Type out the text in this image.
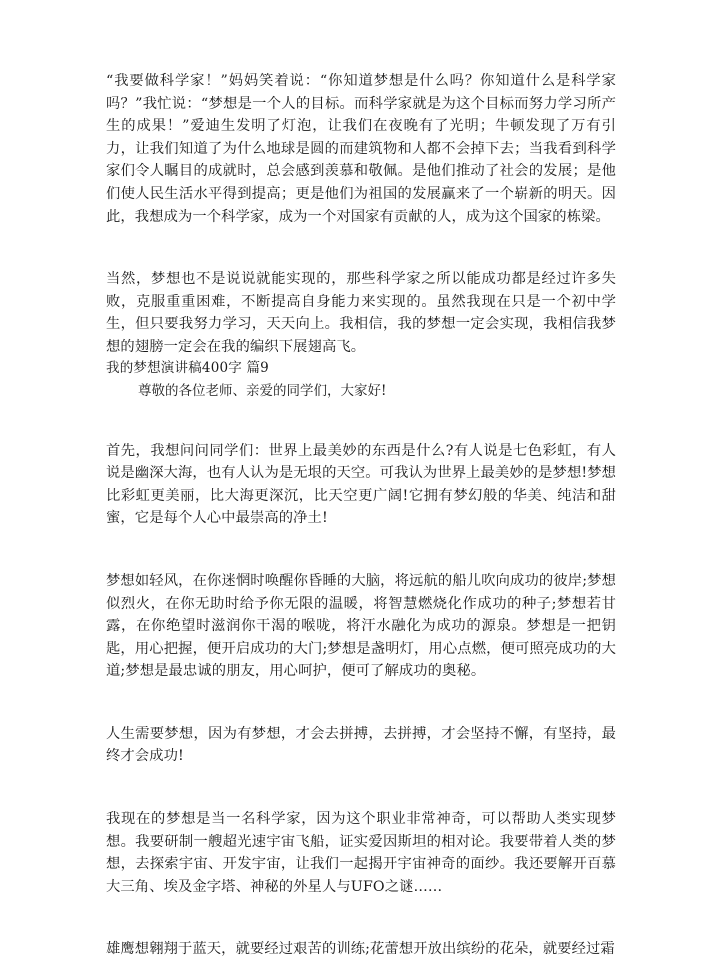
“我要做科学家！”妈妈笑着说：“你知道梦想是什么吗？你知道什么是科学家吗？”我忙说：“梦想是一个人的目标。而科学家就是为这个目标而努力学习所产生的成果！”爱迪生发明了灯泡，让我们在夜晚有了光明；牛顿发现了万有引力，让我们知道了为什么地球是圆的而建筑物和人都不会掉下去；当我看到科学家们令人瞩目的成就时，总会感到羡慕和敬佩。是他们推动了社会的发展；是他们使人民生活水平得到提高；更是他们为祖国的发展赢来了一个崭新的明天。因此，我想成为一个科学家，成为一个对国家有贡献的人，成为这个国家的栋梁。

当然，梦想也不是说说就能实现的，那些科学家之所以能成功都是经过许多失败，克服重重困难，不断提高自身能力来实现的。虽然我现在只是一个初中学生，但只要我努力学习，天天向上。我相信，我的梦想一定会实现，我相信我梦想的翅膀一定会在我的编织下展翅高飞。

我的梦想演讲稿400字 篇9

尊敬的各位老师、亲爱的同学们，大家好!

首先，我想问问同学们：世界上最美妙的东西是什么?有人说是七色彩虹，有人说是幽深大海，也有人认为是无垠的天空。可我认为世界上最美妙的是梦想!梦想比彩虹更美丽，比大海更深沉，比天空更广阔!它拥有梦幻般的华美、纯洁和甜蜜，它是每个人心中最崇高的净土!

梦想如轻风，在你迷惘时唤醒你昏睡的大脑，将远航的船儿吹向成功的彼岸;梦想似烈火，在你无助时给予你无限的温暖，将智慧燃烧化作成功的种子;梦想若甘露，在你绝望时滋润你干渴的喉咙，将汗水融化为成功的源泉。梦想是一把钥匙，用心把握，便开启成功的大门;梦想是盏明灯，用心点燃，便可照亮成功的大道;梦想是最忠诚的朋友，用心呵护，便可了解成功的奥秘。

人生需要梦想，因为有梦想，才会去拼搏，去拼搏，才会坚持不懈，有坚持，最终才会成功!

我现在的梦想是当一名科学家，因为这个职业非常神奇，可以帮助人类实现梦想。我要研制一艘超光速宇宙飞船，证实爱因斯坦的相对论。我要带着人类的梦想，去探索宇宙、开发宇宙，让我们一起揭开宇宙神奇的面纱。我还要解开百慕大三角、埃及金字塔、神秘的外星人与UFO之谜……

雄鹰想翱翔于蓝天，就要经过艰苦的训练;花蕾想开放出缤纷的花朵，就要经过霜
